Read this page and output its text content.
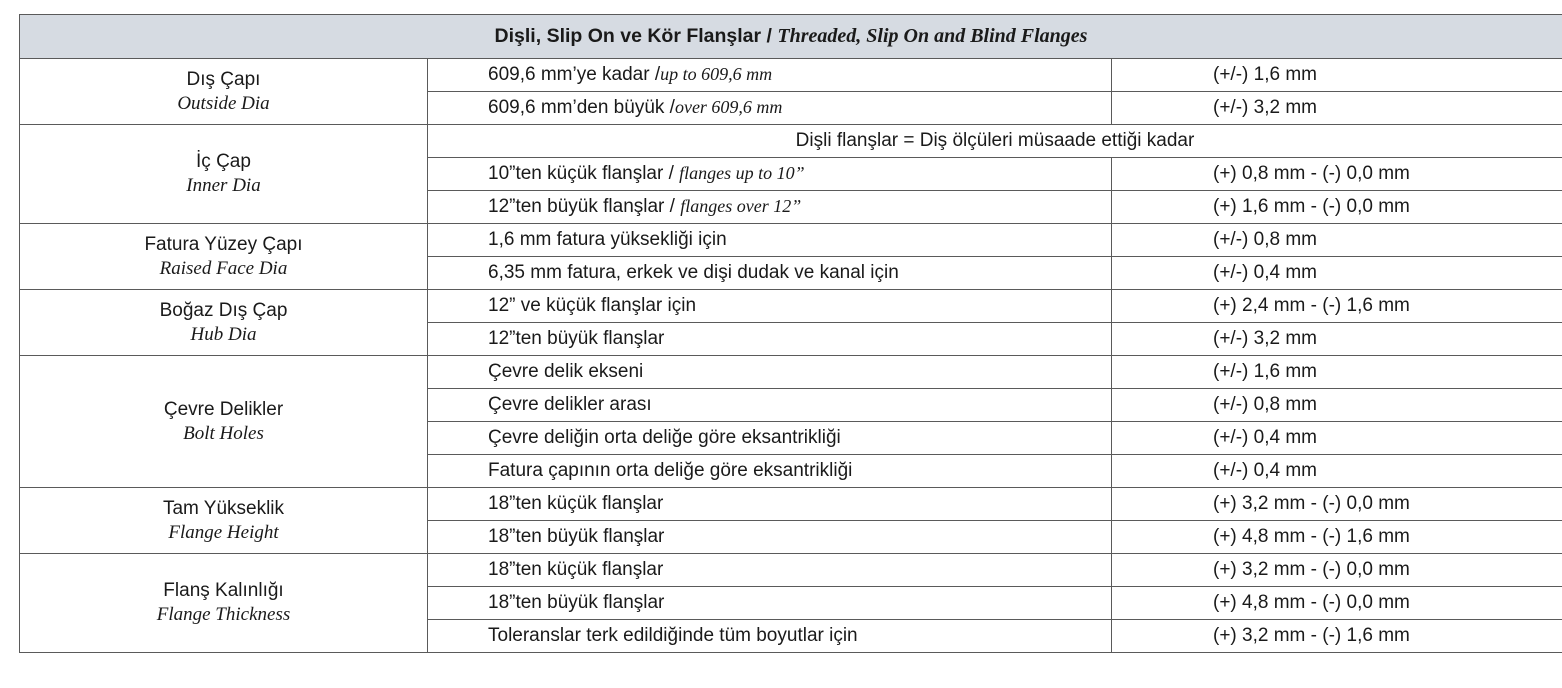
Dişli, Slip On ve Kör Flanşlar / Threaded, Slip On and Blind Flanges		

Dış Çapı
Outside Dia	609,6 mm’ye kadar /up to 609,6 mm	(+/-) 1,6 mm
	609,6 mm’den büyük /over 609,6 mm	(+/-) 3,2 mm

İç Çap
Inner Dia	Dişli flanşlar = Diş ölçüleri müsaade ettiği kadar	
	10”ten küçük flanşlar / flanges up to 10”	(+) 0,8 mm - (-) 0,0 mm
	12”ten büyük flanşlar / flanges over 12”	(+) 1,6 mm - (-) 0,0 mm

Fatura Yüzey Çapı
Raised Face Dia	1,6 mm fatura yüksekliği için	(+/-) 0,8 mm
	6,35 mm fatura, erkek ve dişi dudak ve kanal için	(+/-) 0,4 mm

Boğaz Dış Çap
Hub Dia	12” ve küçük flanşlar için	(+) 2,4 mm - (-) 1,6 mm
	12”ten büyük flanşlar	(+/-) 3,2 mm

Çevre Delikler
Bolt Holes	Çevre delik ekseni	(+/-) 1,6 mm
	Çevre delikler arası	(+/-) 0,8 mm
	Çevre deliğin orta deliğe göre eksantrikliği	(+/-) 0,4 mm
	Fatura çapının orta deliğe göre eksantrikliği	(+/-) 0,4 mm

Tam Yükseklik
Flange Height	18”ten küçük flanşlar	(+) 3,2 mm - (-) 0,0 mm
	18”ten büyük flanşlar	(+) 4,8 mm - (-) 1,6 mm

Flanş Kalınlığı
Flange Thickness	18”ten küçük flanşlar	(+) 3,2 mm - (-) 0,0 mm
	18”ten büyük flanşlar	(+) 4,8 mm - (-) 0,0 mm
	Toleranslar terk edildiğinde tüm boyutlar için	(+) 3,2 mm - (-) 1,6 mm
